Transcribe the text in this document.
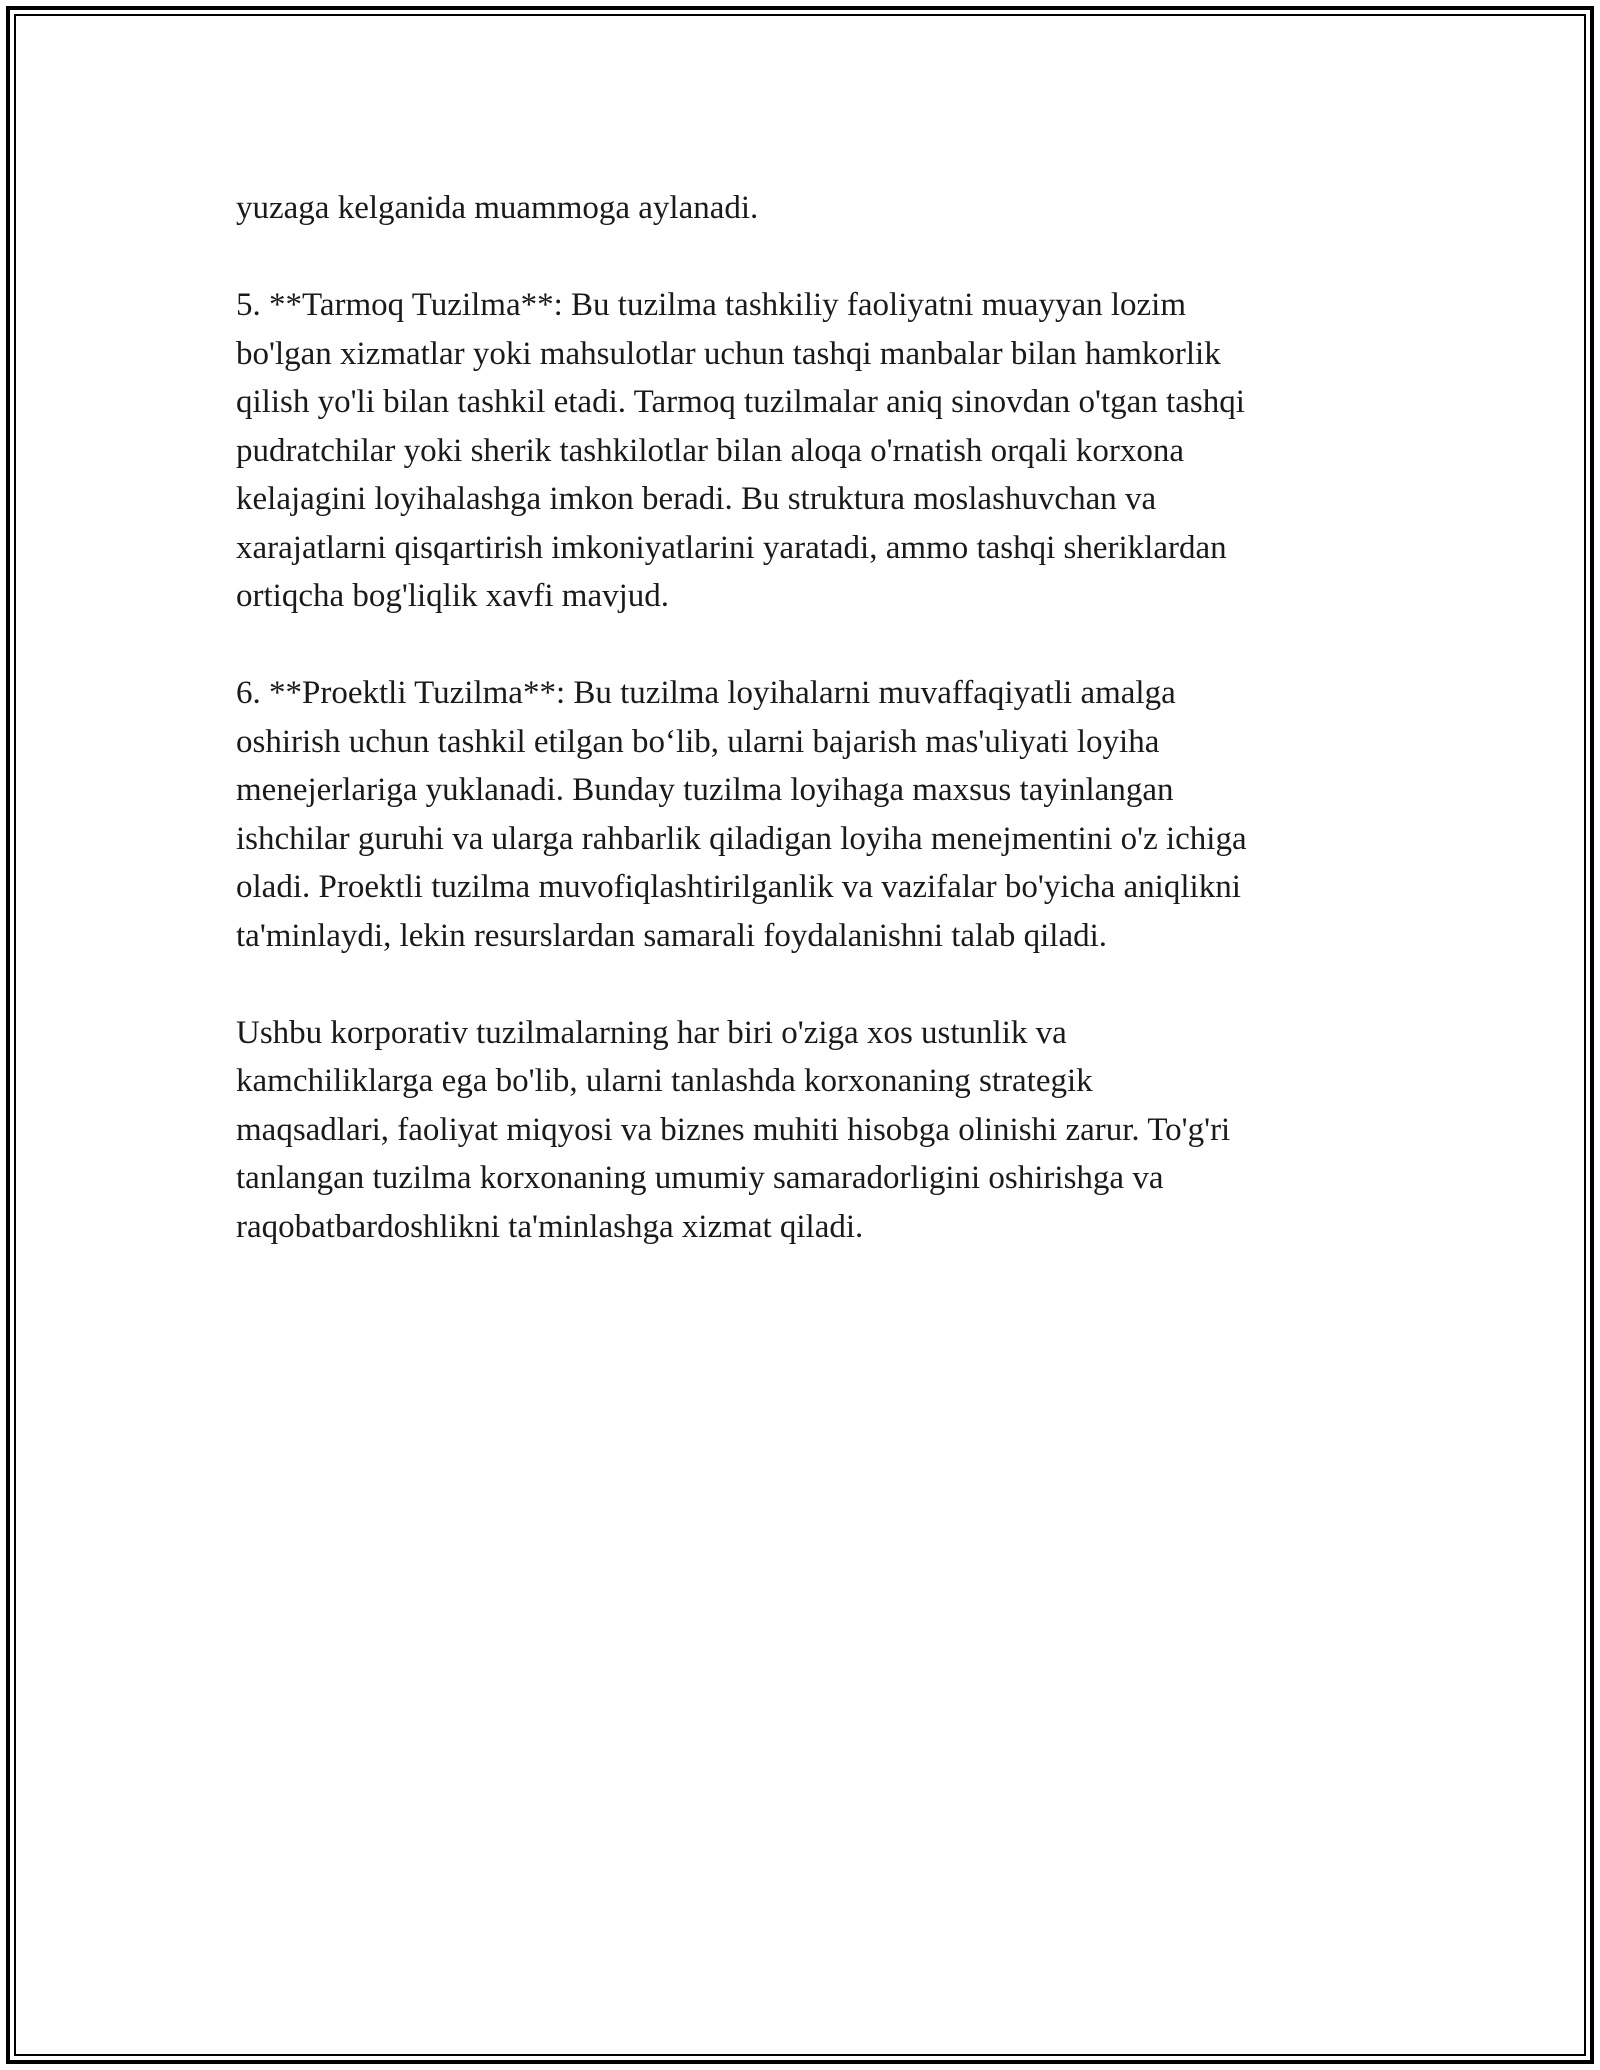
yuzaga kelganida muammoga aylanadi.

5. **Tarmoq Tuzilma**: Bu tuzilma tashkiliy faoliyatni muayyan lozim
bo'lgan xizmatlar yoki mahsulotlar uchun tashqi manbalar bilan hamkorlik
qilish yo'li bilan tashkil etadi. Tarmoq tuzilmalar aniq sinovdan o'tgan tashqi
pudratchilar yoki sherik tashkilotlar bilan aloqa o'rnatish orqali korxona
kelajagini loyihalashga imkon beradi. Bu struktura moslashuvchan va
xarajatlarni qisqartirish imkoniyatlarini yaratadi, ammo tashqi sheriklardan
ortiqcha bog'liqlik xavfi mavjud.

6. **Proektli Tuzilma**: Bu tuzilma loyihalarni muvaffaqiyatli amalga
oshirish uchun tashkil etilgan boʻlib, ularni bajarish mas'uliyati loyiha
menejerlariga yuklanadi. Bunday tuzilma loyihaga maxsus tayinlangan
ishchilar guruhi va ularga rahbarlik qiladigan loyiha menejmentini o'z ichiga
oladi. Proektli tuzilma muvofiqlashtirilganlik va vazifalar bo'yicha aniqlikni
ta'minlaydi, lekin resurslardan samarali foydalanishni talab qiladi.

Ushbu korporativ tuzilmalarning har biri o'ziga xos ustunlik va
kamchiliklarga ega bo'lib, ularni tanlashda korxonaning strategik
maqsadlari, faoliyat miqyosi va biznes muhiti hisobga olinishi zarur. To'g'ri
tanlangan tuzilma korxonaning umumiy samaradorligini oshirishga va
raqobatbardoshlikni ta'minlashga xizmat qiladi.
